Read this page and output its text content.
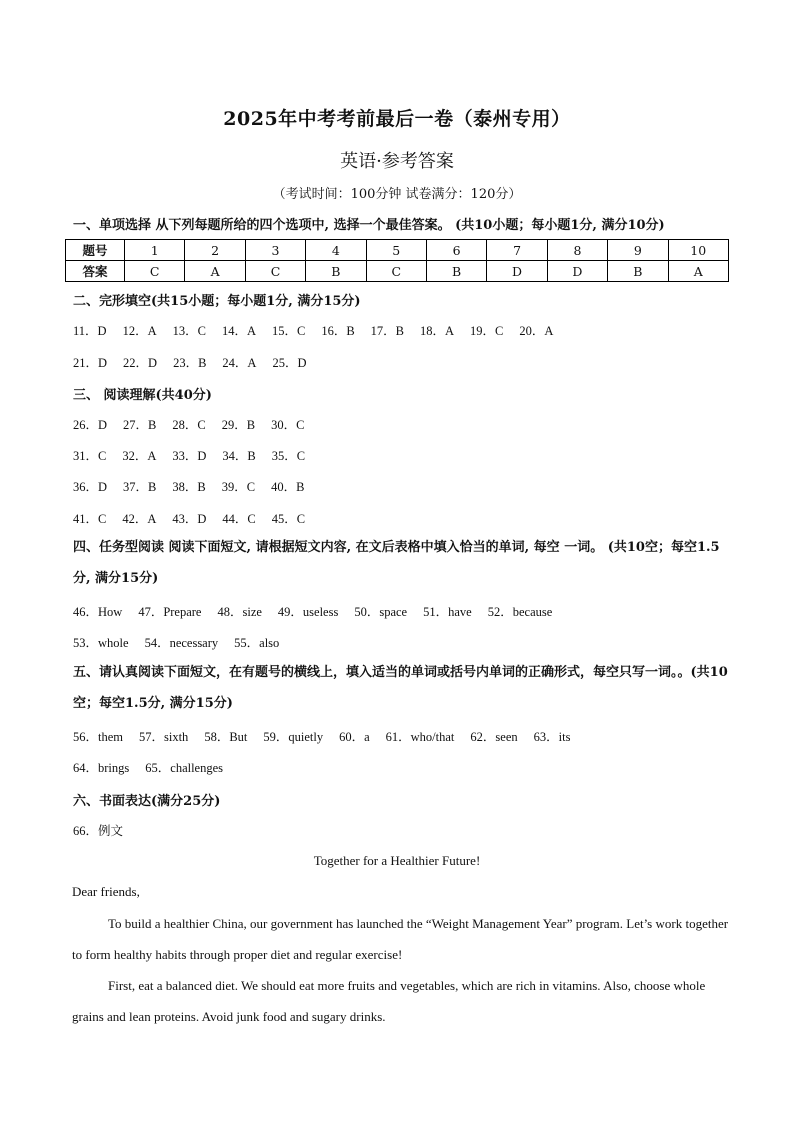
2025年中考考前最后一卷（泰州专用）
英语·参考答案
（考试时间：100分钟 试卷满分：120分）
一、单项选择 从下列每题所给的四个选项中, 选择一个最佳答案。 (共10小题；每小题1分, 满分10分)
题号	1	2	3	4	5	6	7	8	9	10
答案	C	A	C	B	C	B	D	D	B	A
二、完形填空(共15小题；每小题1分, 满分15分)
11．D 12．A 13．C 14．A 15．C 16．B 17．B 18．A 19．C 20．A
21．D 22．D 23．B 24．A 25．D
三、 阅读理解(共40分)
26．D 27．B 28．C 29．B 30．C
31．C 32．A 33．D 34．B 35．C
36．D 37．B 38．B 39．C 40．B
41．C 42．A 43．D 44．C 45．C
四、任务型阅读 阅读下面短文, 请根据短文内容, 在文后表格中填入恰当的单词, 每空 一词。 (共10空；每空1.5分, 满分15分)
46．How 47．Prepare 48．size 49．useless 50．space 51．have 52．because
53．whole 54．necessary 55．also
五、请认真阅读下面短文，在有题号的横线上，填入适当的单词或括号内单词的正确形式，每空只写一词。。(共10空；每空1.5分, 满分15分)
56．them 57．sixth 58．But 59．quietly 60．a 61．who/that 62．seen 63．its
64．brings 65．challenges
六、书面表达(满分25分)
66．例文
Together for a Healthier Future!
Dear friends,
To build a healthier China, our government has launched the “Weight Management Year” program. Let’s work together to form healthy habits through proper diet and regular exercise!
First, eat a balanced diet. We should eat more fruits and vegetables, which are rich in vitamins. Also, choose whole grains and lean proteins. Avoid junk food and sugary drinks.
